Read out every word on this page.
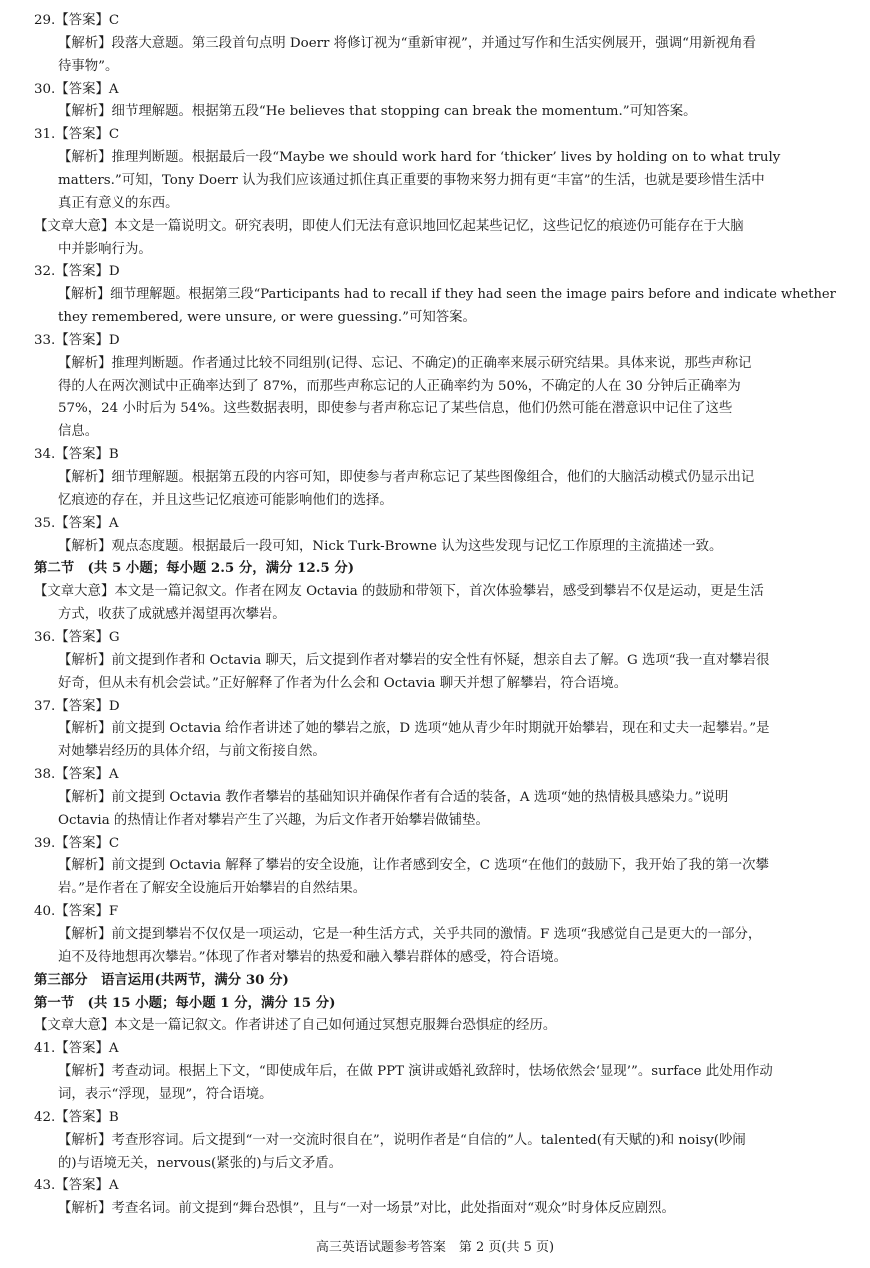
29.【答案】C
【解析】段落大意题。第三段首句点明 Doerr 将修订视为“重新审视”，并通过写作和生活实例展开，强调“用新视角看
待事物”。
30.【答案】A
【解析】细节理解题。根据第五段“He believes that stopping can break the momentum.”可知答案。
31.【答案】C
【解析】推理判断题。根据最后一段“Maybe we should work hard for ‘thicker’ lives by holding on to what truly
matters.”可知，Tony Doerr 认为我们应该通过抓住真正重要的事物来努力拥有更“丰富”的生活，也就是要珍惜生活中
真正有意义的东西。
【文章大意】本文是一篇说明文。研究表明，即使人们无法有意识地回忆起某些记忆，这些记忆的痕迹仍可能存在于大脑
中并影响行为。
32.【答案】D
【解析】细节理解题。根据第三段“Participants had to recall if they had seen the image pairs before and indicate whether
they remembered, were unsure, or were guessing.”可知答案。
33.【答案】D
【解析】推理判断题。作者通过比较不同组别(记得、忘记、不确定)的正确率来展示研究结果。具体来说，那些声称记
得的人在两次测试中正确率达到了 87%，而那些声称忘记的人正确率约为 50%，不确定的人在 30 分钟后正确率为
57%，24 小时后为 54%。这些数据表明，即使参与者声称忘记了某些信息，他们仍然可能在潜意识中记住了这些
信息。
34.【答案】B
【解析】细节理解题。根据第五段的内容可知，即使参与者声称忘记了某些图像组合，他们的大脑活动模式仍显示出记
忆痕迹的存在，并且这些记忆痕迹可能影响他们的选择。
35.【答案】A
【解析】观点态度题。根据最后一段可知，Nick Turk-Browne 认为这些发现与记忆工作原理的主流描述一致。
第二节　(共 5 小题；每小题 2.5 分，满分 12.5 分)
【文章大意】本文是一篇记叙文。作者在网友 Octavia 的鼓励和带领下，首次体验攀岩，感受到攀岩不仅是运动，更是生活
方式，收获了成就感并渴望再次攀岩。
36.【答案】G
【解析】前文提到作者和 Octavia 聊天，后文提到作者对攀岩的安全性有怀疑，想亲自去了解。G 选项“我一直对攀岩很
好奇，但从未有机会尝试。”正好解释了作者为什么会和 Octavia 聊天并想了解攀岩，符合语境。
37.【答案】D
【解析】前文提到 Octavia 给作者讲述了她的攀岩之旅，D 选项“她从青少年时期就开始攀岩，现在和丈夫一起攀岩。”是
对她攀岩经历的具体介绍，与前文衔接自然。
38.【答案】A
【解析】前文提到 Octavia 教作者攀岩的基础知识并确保作者有合适的装备，A 选项“她的热情极具感染力。”说明
Octavia 的热情让作者对攀岩产生了兴趣，为后文作者开始攀岩做铺垫。
39.【答案】C
【解析】前文提到 Octavia 解释了攀岩的安全设施，让作者感到安全，C 选项“在他们的鼓励下，我开始了我的第一次攀
岩。”是作者在了解安全设施后开始攀岩的自然结果。
40.【答案】F
【解析】前文提到攀岩不仅仅是一项运动，它是一种生活方式，关乎共同的激情。F 选项“我感觉自己是更大的一部分，
迫不及待地想再次攀岩。”体现了作者对攀岩的热爱和融入攀岩群体的感受，符合语境。
第三部分　语言运用(共两节，满分 30 分)
第一节　(共 15 小题；每小题 1 分，满分 15 分)
【文章大意】本文是一篇记叙文。作者讲述了自己如何通过冥想克服舞台恐惧症的经历。
41.【答案】A
【解析】考查动词。根据上下文，“即使成年后，在做 PPT 演讲或婚礼致辞时，怯场依然会‘显现’”。surface 此处用作动
词，表示“浮现，显现”，符合语境。
42.【答案】B
【解析】考查形容词。后文提到“一对一交流时很自在”，说明作者是“自信的”人。talented(有天赋的)和 noisy(吵闹
的)与语境无关，nervous(紧张的)与后文矛盾。
43.【答案】A
【解析】考查名词。前文提到“舞台恐惧”，且与“一对一场景”对比，此处指面对“观众”时身体反应剧烈。
高三英语试题参考答案　第 2 页(共 5 页)
